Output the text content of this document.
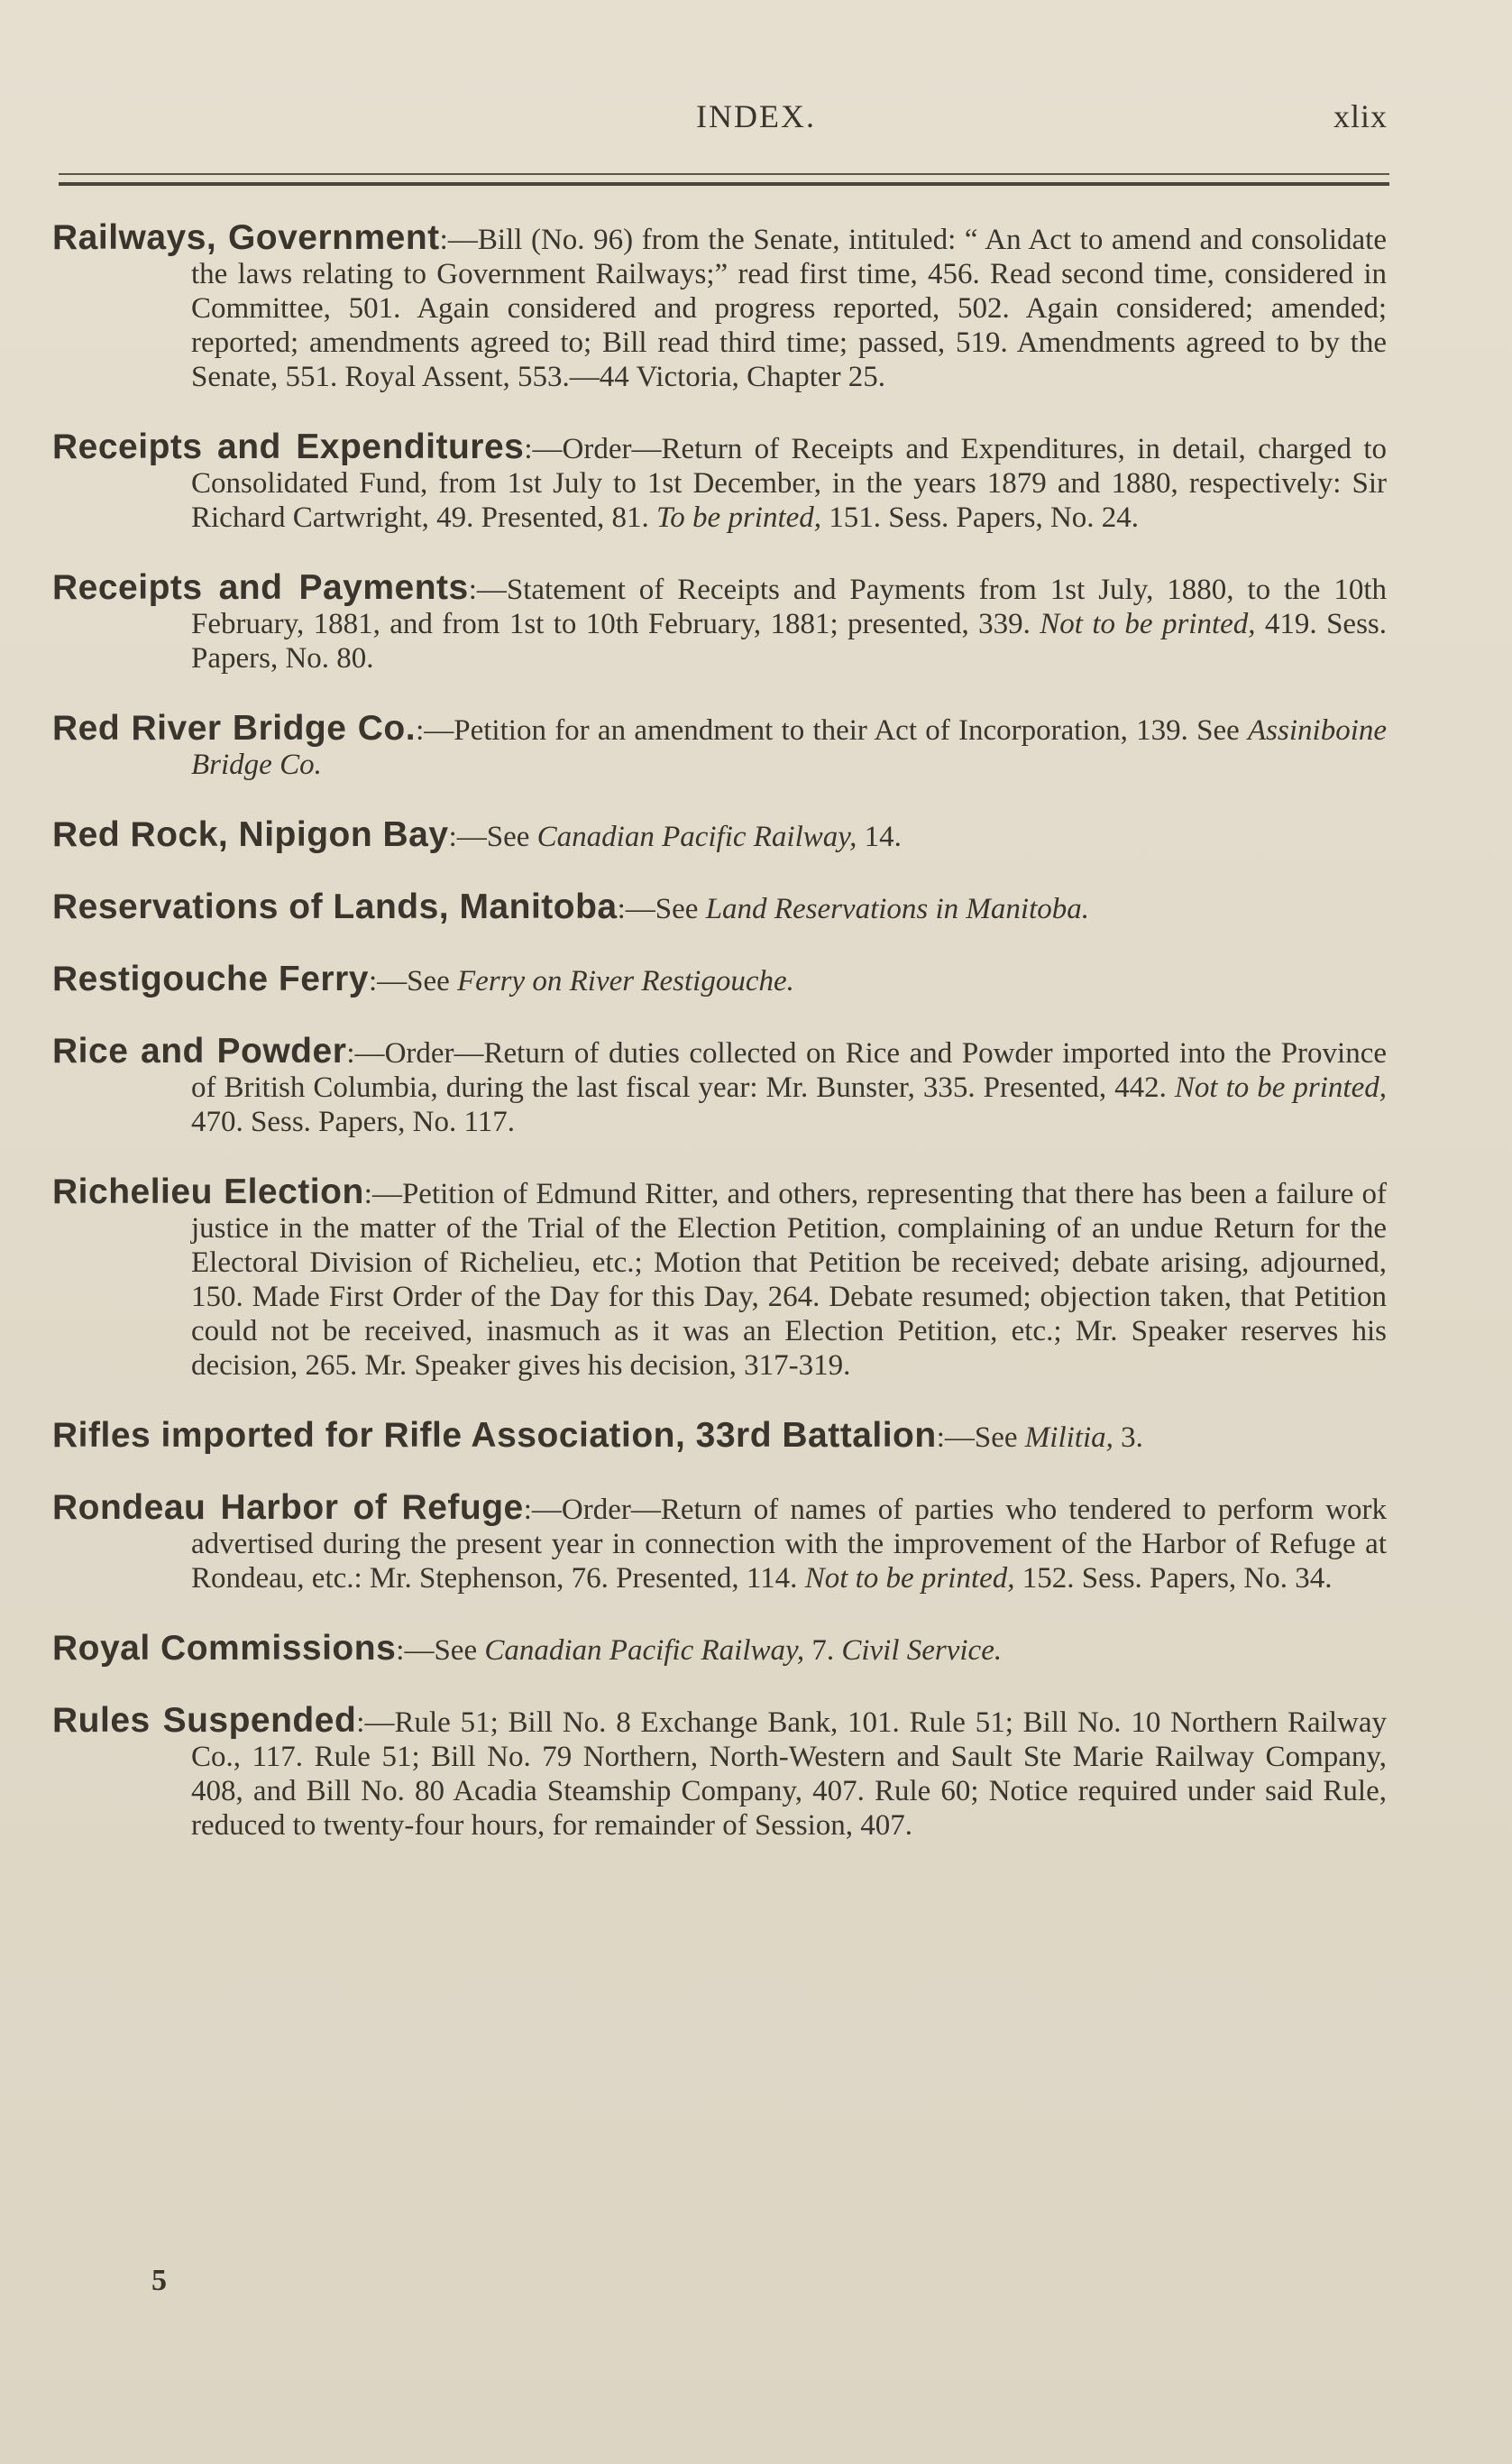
INDEX.	xlix

Railways, Government:—Bill (No. 96) from the Senate, intituled: “ An Act to amend and consolidate the laws relating to Government Railways;” read first time, 456. Read second time, considered in Committee, 501. Again considered and progress reported, 502. Again considered; amended; reported; amendments agreed to; Bill read third time; passed, 519. Amendments agreed to by the Senate, 551. Royal Assent, 553.—44 Victoria, Chapter 25.

Receipts and Expenditures:—Order—Return of Receipts and Expenditures, in detail, charged to Consolidated Fund, from 1st July to 1st December, in the years 1879 and 1880, respectively: Sir Richard Cartwright, 49. Presented, 81. To be printed, 151. Sess. Papers, No. 24.

Receipts and Payments:—Statement of Receipts and Payments from 1st July, 1880, to the 10th February, 1881, and from 1st to 10th February, 1881; presented, 339. Not to be printed, 419. Sess. Papers, No. 80.

Red River Bridge Co.:—Petition for an amendment to their Act of Incorporation, 139. See Assiniboine Bridge Co.

Red Rock, Nipigon Bay:—See Canadian Pacific Railway, 14.

Reservations of Lands, Manitoba:—See Land Reservations in Manitoba.

Restigouche Ferry:—See Ferry on River Restigouche.

Rice and Powder:—Order—Return of duties collected on Rice and Powder imported into the Province of British Columbia, during the last fiscal year: Mr. Bunster, 335. Presented, 442. Not to be printed, 470. Sess. Papers, No. 117.

Richelieu Election:—Petition of Edmund Ritter, and others, representing that there has been a failure of justice in the matter of the Trial of the Election Petition, complaining of an undue Return for the Electoral Division of Richelieu, etc.; Motion that Petition be received; debate arising, adjourned, 150. Made First Order of the Day for this Day, 264. Debate resumed; objection taken, that Petition could not be received, inasmuch as it was an Election Petition, etc.; Mr. Speaker reserves his decision, 265. Mr. Speaker gives his decision, 317-319.

Rifles imported for Rifle Association, 33rd Battalion:—See Militia, 3.

Rondeau Harbor of Refuge:—Order—Return of names of parties who tendered to perform work advertised during the present year in connection with the improvement of the Harbor of Refuge at Rondeau, etc.: Mr. Stephenson, 76. Presented, 114. Not to be printed, 152. Sess. Papers, No. 34.

Royal Commissions:—See Canadian Pacific Railway, 7. Civil Service.

Rules Suspended:—Rule 51; Bill No. 8 Exchange Bank, 101. Rule 51; Bill No. 10 Northern Railway Co., 117. Rule 51; Bill No. 79 Northern, North-Western and Sault Ste Marie Railway Company, 408, and Bill No. 80 Acadia Steamship Company, 407. Rule 60; Notice required under said Rule, reduced to twenty-four hours, for remainder of Session, 407.

5
